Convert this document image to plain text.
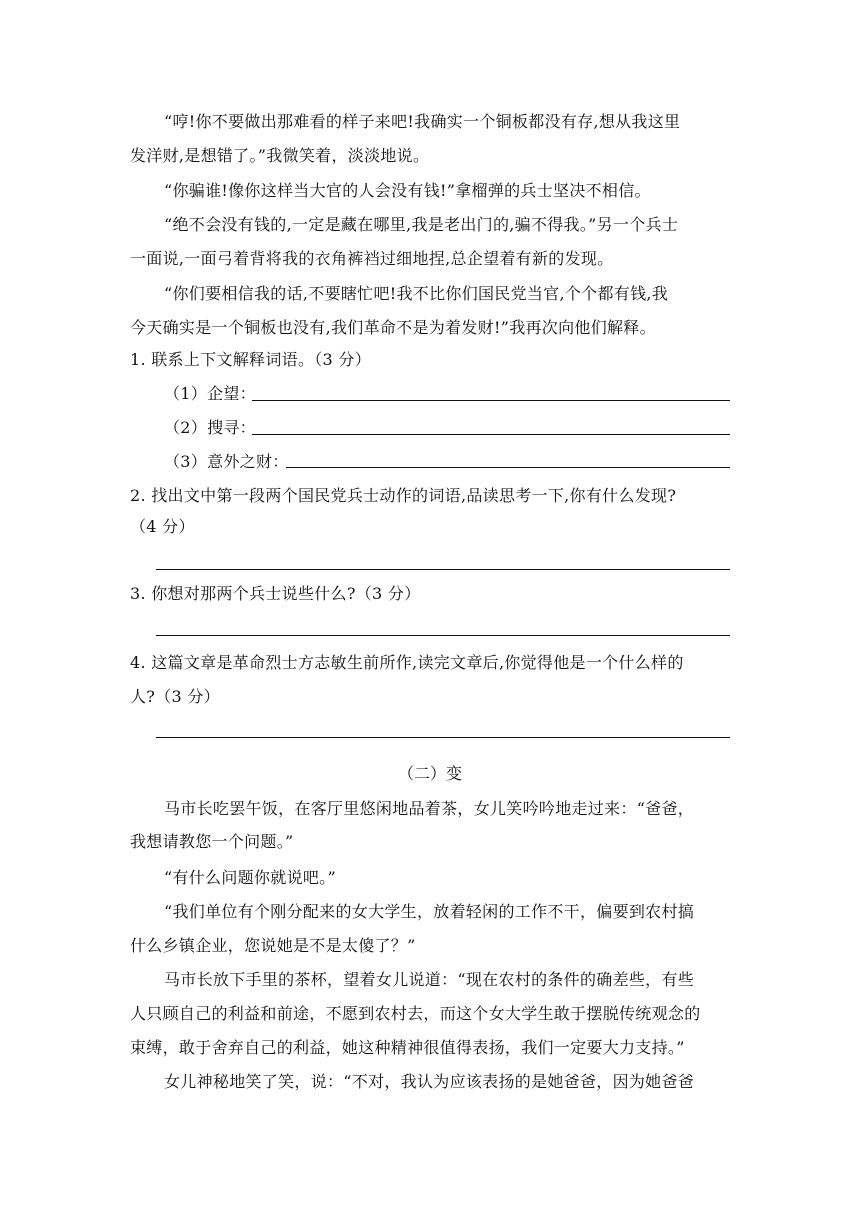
“哼!你不要做出那难看的样子来吧!我确实一个铜板都没有存,想从我这里
发洋财,是想错了。”我微笑着，淡淡地说。
“你骗谁!像你这样当大官的人会没有钱!”拿榴弹的兵士坚决不相信。
“绝不会没有钱的,一定是藏在哪里,我是老出门的,骗不得我。”另一个兵士
一面说,一面弓着背将我的衣角裤裆过细地捏,总企望着有新的发现。
“你们要相信我的话,不要瞎忙吧!我不比你们国民党当官,个个都有钱,我
今天确实是一个铜板也没有,我们革命不是为着发财!”我再次向他们解释。
1. 联系上下文解释词语。（3 分）
（1）企望：
（2）搜寻：
（3）意外之财：
2. 找出文中第一段两个国民党兵士动作的词语,品读思考一下,你有什么发现?
（4 分）
3. 你想对那两个兵士说些什么?（3 分）
4. 这篇文章是革命烈士方志敏生前所作,读完文章后,你觉得他是一个什么样的
人?（3 分）
（二）变
马市长吃罢午饭，在客厅里悠闲地品着茶，女儿笑吟吟地走过来：“爸爸，
我想请教您一个问题。”
“有什么问题你就说吧。”
“我们单位有个刚分配来的女大学生，放着轻闲的工作不干，偏要到农村搞
什么乡镇企业，您说她是不是太傻了？”
马市长放下手里的茶杯，望着女儿说道：“现在农村的条件的确差些，有些
人只顾自己的利益和前途，不愿到农村去，而这个女大学生敢于摆脱传统观念的
束缚，敢于舍弃自己的利益，她这种精神很值得表扬，我们一定要大力支持。”
女儿神秘地笑了笑，说：“不对，我认为应该表扬的是她爸爸，因为她爸爸
